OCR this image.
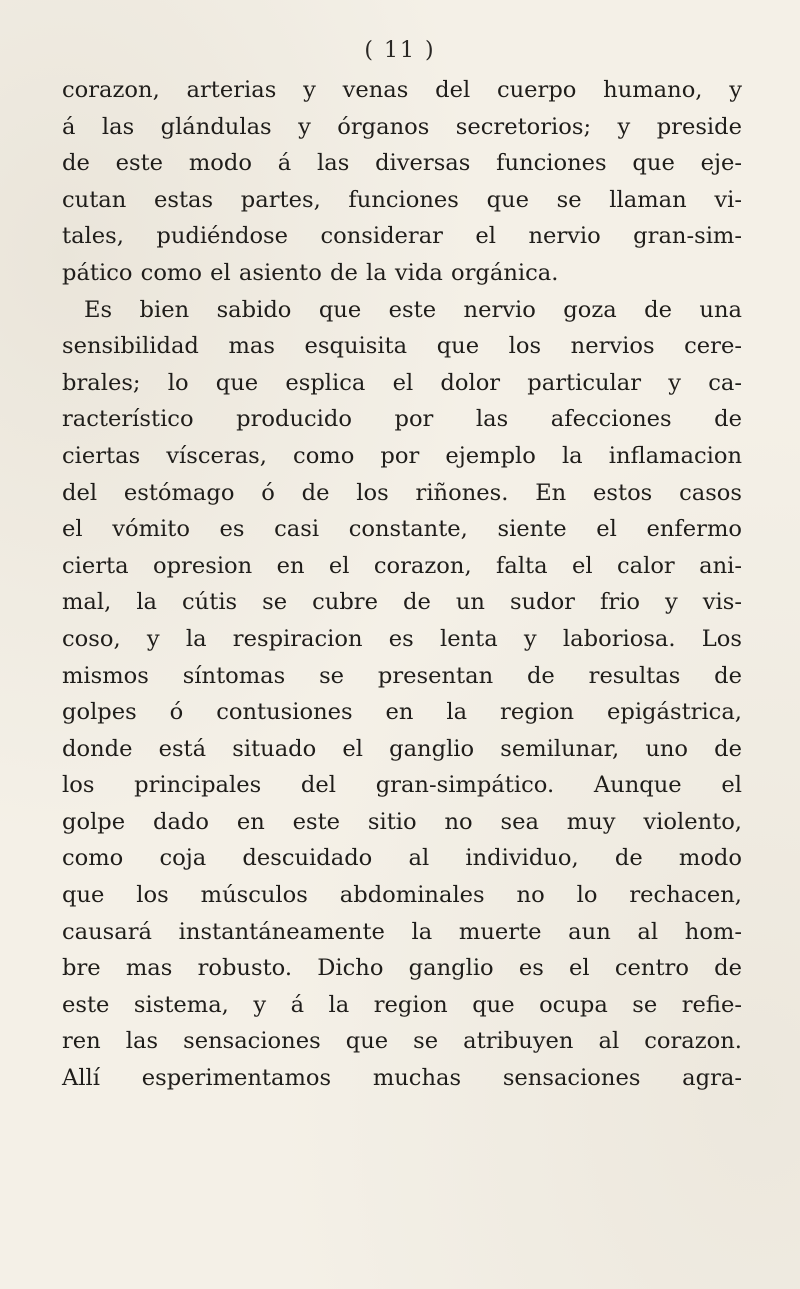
( 11 )
corazon, arterias y venas del cuerpo humano, y
á las glándulas y órganos secretorios; y preside
de este modo á las diversas funciones que eje-
cutan estas partes, funciones que se llaman vi-
tales, pudiéndose considerar el nervio gran-sim-
pático como el asiento de la vida orgánica.
Es bien sabido que este nervio goza de una
sensibilidad mas esquisita que los nervios cere-
brales; lo que esplica el dolor particular y ca-
racterístico producido por las afecciones de
ciertas vísceras, como por ejemplo la inflamacion
del estómago ó de los riñones. En estos casos
el vómito es casi constante, siente el enfermo
cierta opresion en el corazon, falta el calor ani-
mal, la cútis se cubre de un sudor frio y vis-
coso, y la respiracion es lenta y laboriosa. Los
mismos síntomas se presentan de resultas de
golpes ó contusiones en la region epigástrica,
donde está situado el ganglio semilunar, uno de
los principales del gran-simpático. Aunque el
golpe dado en este sitio no sea muy violento,
como coja descuidado al individuo, de modo
que los músculos abdominales no lo rechacen,
causará instantáneamente la muerte aun al hom-
bre mas robusto. Dicho ganglio es el centro de
este sistema, y á la region que ocupa se refie-
ren las sensaciones que se atribuyen al corazon.
Allí esperimentamos muchas sensaciones agra-
